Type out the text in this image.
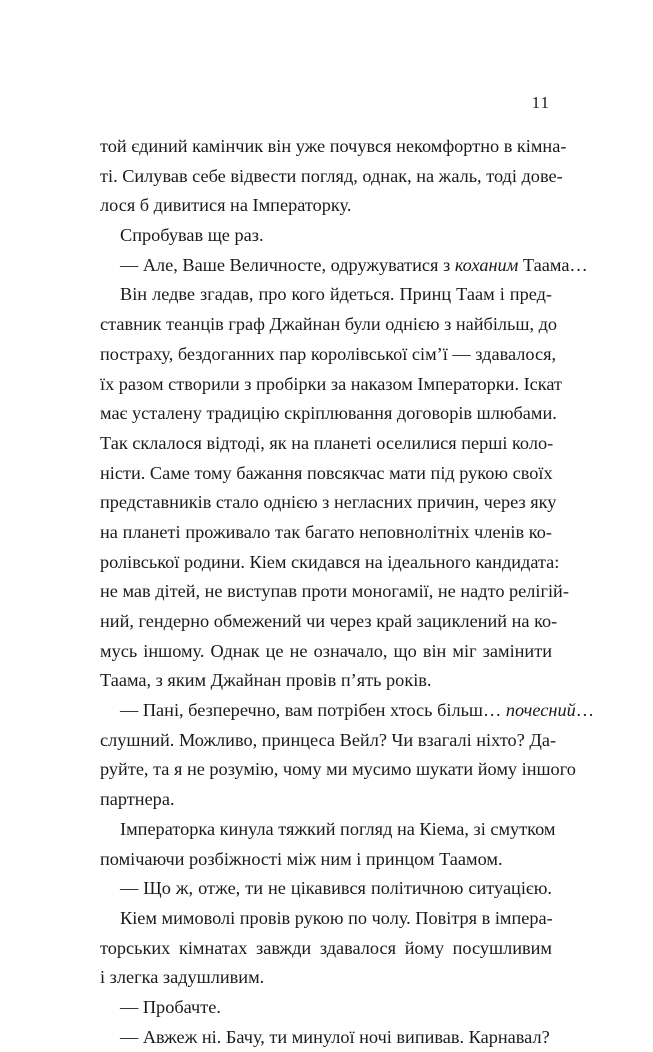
11
той єдиний камінчик він уже почувся некомфортно в кімна-
ті. Силував себе відвести погляд, однак, на жаль, тоді дове-
лося б дивитися на Імператорку.
Спробував ще раз.
— Але, Ваше Величносте, одружуватися з коханим Таама…
Він ледве згадав, про кого йдеться. Принц Таам і пред-
ставник теанців граф Джайнан були однією з найбільш, до
постраху, бездоганних пар королівської сім’ї — здавалося,
їх разом створили з пробірки за наказом Імператорки. Іскат
має усталену традицію скріплювання договорів шлюбами.
Так склалося відтоді, як на планеті оселилися перші коло-
ністи. Саме тому бажання повсякчас мати під рукою своїх
представників стало однією з негласних причин, через яку
на планеті проживало так багато неповнолітніх членів ко-
ролівської родини. Кіем скидався на ідеального кандидата:
не мав дітей, не виступав проти моногамії, не надто релігій-
ний, гендерно обмежений чи через край зациклений на ко-
мусь іншому. Однак це не означало, що він міг замінити
Таама, з яким Джайнан провів п’ять років.
— Пані, безперечно, вам потрібен хтось більш… почесний…
слушний. Можливо, принцеса Вейл? Чи взагалі ніхто? Да-
руйте, та я не розумію, чому ми мусимо шукати йому іншого
партнера.
Імператорка кинула тяжкий погляд на Кіема, зі смутком
помічаючи розбіжності між ним і принцом Таамом.
— Що ж, отже, ти не цікавився політичною ситуацією.
Кіем мимоволі провів рукою по чолу. Повітря в імпера-
торських кімнатах завжди здавалося йому посушливим
і злегка задушливим.
— Пробачте.
— Авжеж ні. Бачу, ти минулої ночі випивав. Карнавал?
